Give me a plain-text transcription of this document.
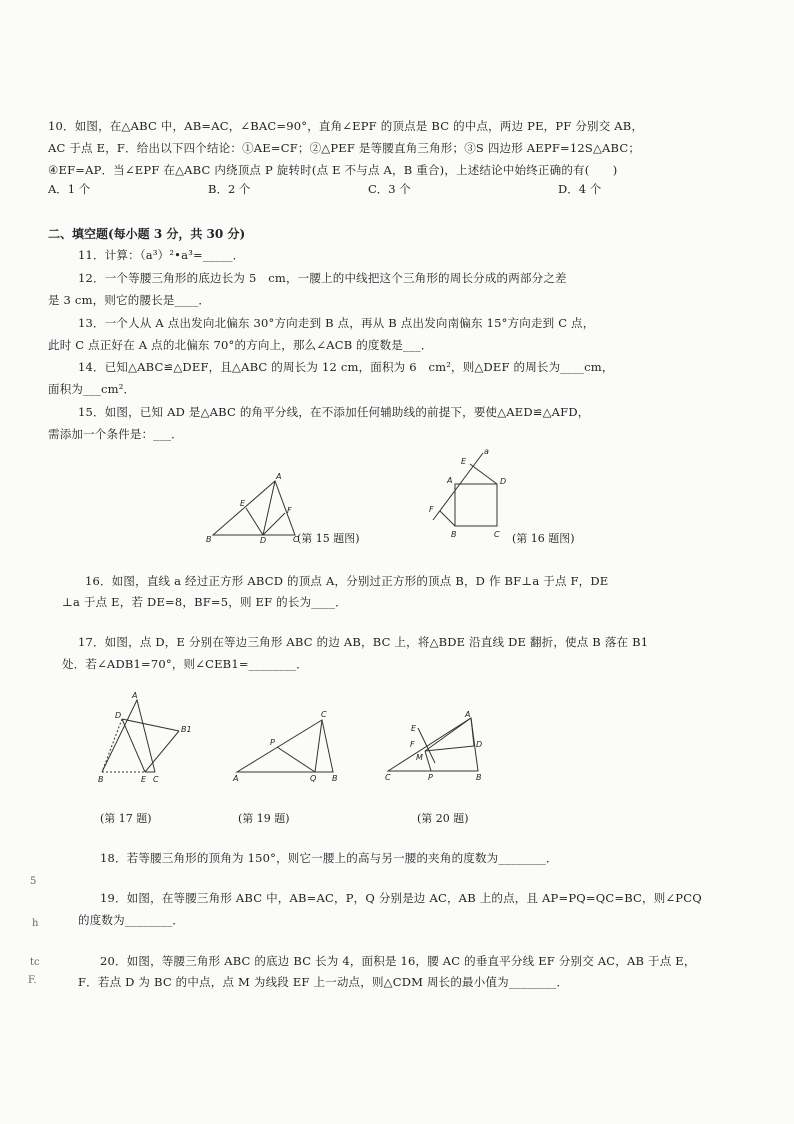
10．如图，在△ABC 中，AB=AC，∠BAC=90°，直角∠EPF 的顶点是 BC 的中点，两边 PE，PF 分别交 AB，
AC 于点 E，F．给出以下四个结论：①AE=CF；②△PEF 是等腰直角三角形；③S 四边形 AEPF=12S△ABC；
④EF=AP．当∠EPF 在△ABC 内绕顶点 P 旋转时(点 E 不与点 A，B 重合)，上述结论中始终正确的有(　　)
A．1 个	B．2 个	C．3 个	D．4 个
二、填空题(每小题 3 分，共 30 分)
11．计算：（a³）²•a³=_____．
12．一个等腰三角形的底边长为 5　cm，一腰上的中线把这个三角形的周长分成的两部分之差
是 3 cm，则它的腰长是____．
13．一个人从 A 点出发向北偏东 30°方向走到 B 点，再从 B 点出发向南偏东 15°方向走到 C 点，
此时 C 点正好在 A 点的北偏东 70°的方向上，那么∠ACB 的度数是___．
14．已知△ABC≌△DEF，且△ABC 的周长为 12 cm，面积为 6　cm²，则△DEF 的周长为____cm，
面积为___cm²．
15．如图，已知 AD 是△ABC 的角平分线，在不添加任何辅助线的前提下，要使△AED≌△AFD，
需添加一个条件是：___．
A
E
F
B	D	C
(第 15 题图)
E
a
A	D
F
B	C (第 16 题图)
16．如图，直线 a 经过正方形 ABCD 的顶点 A，分别过正方形的顶点 B，D 作 BF⊥a 于点 F，DE
⊥a 于点 E，若 DE=8，BF=5，则 EF 的长为____．
17．如图，点 D，E 分别在等边三角形 ABC 的边 AB，BC 上，将△BDE 沿直线 DE 翻折，使点 B 落在 B1
处．若∠ADB1=70°，则∠CEB1=________．
A
D
B1
B	E C
C
P
A	Q B
A
E
D
F
M
P
C	B
(第 17 题)	(第 19 题)	(第 20 题)
18．若等腰三角形的顶角为 150°，则它一腰上的高与另一腰的夹角的度数为________．
19．如图，在等腰三角形 ABC 中，AB=AC，P，Q 分别是边 AC，AB 上的点，且 AP=PQ=QC=BC，则∠PCQ
的度数为________．
20．如图，等腰三角形 ABC 的底边 BC 长为 4，面积是 16，腰 AC 的垂直平分线 EF 分别交 AC，AB 于点 E，
F．若点 D 为 BC 的中点，点 M 为线段 EF 上一动点，则△CDM 周长的最小值为________．
5
h
tc
F.
